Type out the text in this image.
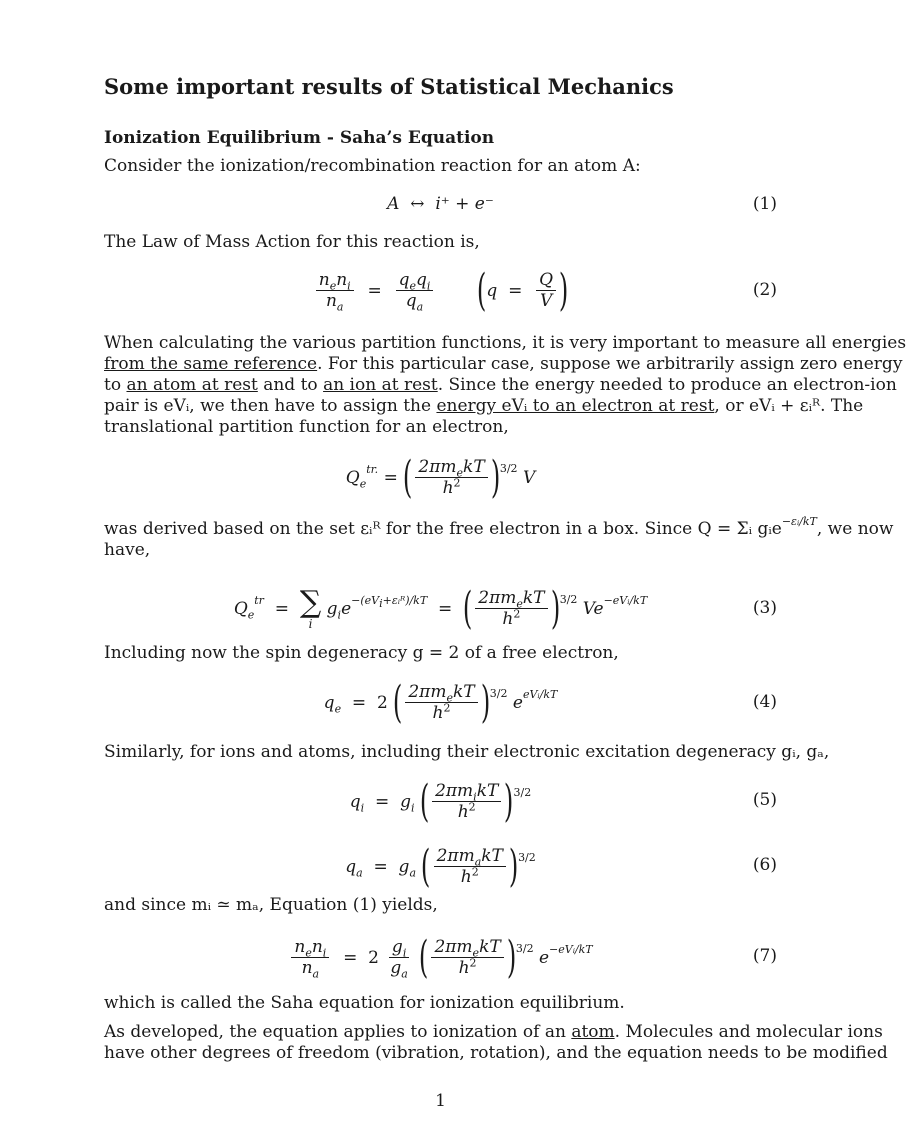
Some important results of Statistical Mechanics
Ionization Equilibrium - Saha’s Equation
Consider the ionization/recombination reaction for an atom A:
A ↔ i⁺ + e⁻	(1)
The Law of Mass Action for this reaction is,
$\frac{n_en_i}{n_a} = \frac{q_eq_i}{q_a} (q = \frac{Q}{V}$ )	(2)
When calculating the various partition functions, it is very important to measure all energies
from the same reference. For this particular case, suppose we arbitrarily assign zero energy
to an atom at rest and to an ion at rest. Since the energy needed to produce an electron-ion
pair is eVᵢ, we then have to assign the energy eVᵢ to an electron at rest, or eVᵢ + εᵢᴿ. The
translational partition function for an electron,
$Q_e^{tr.}$ = ( $\frac{2\pi m_ekT}{h^2} )^{3/2}$ V
was derived based on the set εᵢᴿ for the free electron in a box. Since Q = Σᵢ gᵢe$^{-\varepsilon ᵢ/kT}$, we now
have,
$Q_e^{tr}$  = ∑
i
$g_ie^{-(eV_i+\varepsilon ᵢᴿ)/kT}$  =  ( $\frac{2\pi m_ekT}{h^2} )^{3/2}$ $Ve^{-eVᵢ/kT}$	(3)
Including now the spin degeneracy g = 2 of a free electron,
$q_e = 2$ ( $\frac{2\pi m_ekT}{h^2} )^{3/2}$ $e^{eVᵢ/kT}$	(4)
Similarly, for ions and atoms, including their electronic excitation degeneracy gᵢ, gₐ,
$q_i = g_i$ ( $\frac{2\pi m_ikT}{h^2} )^{3/2}$	(5)
$q_a = g_a$ ( $\frac{2\pi m_akT}{h^2} )^{3/2}$	(6)
and since mᵢ ≃ mₐ, Equation (1) yields,
$\frac{n_en_i}{n_a} = 2 \frac{g_i}{g_a}$ ( $\frac{2\pi m_ekT}{h^2} )^{3/2}$ $e^{-eVᵢ/kT}$	(7)
which is called the Saha equation for ionization equilibrium.
As developed, the equation applies to ionization of an atom. Molecules and molecular ions
have other degrees of freedom (vibration, rotation), and the equation needs to be modified
1
